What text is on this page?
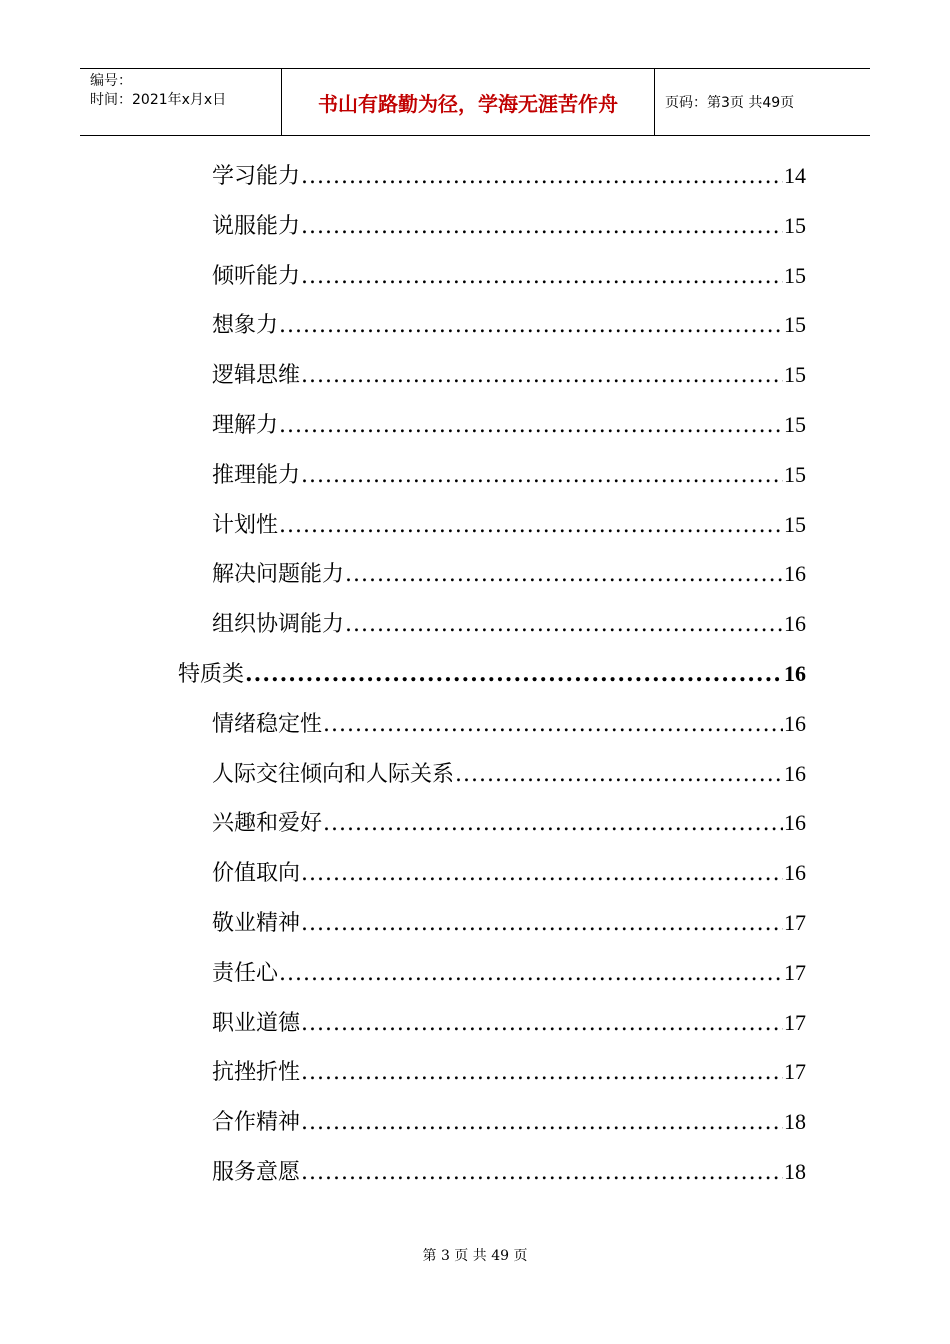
编号：
时间：2021年x月x日	书山有路勤为径，学海无涯苦作舟	页码：第3页 共49页
学习能力 .....	14
说服能力 .....	15
倾听能力 .....	15
想象力 .....	15
逻辑思维 .....	15
理解力 .....	15
推理能力 .....	15
计划性 .....	15
解决问题能力 .....	16
组织协调能力 .....	16
特质类 .....	16
情绪稳定性 .....	16
人际交往倾向和人际关系 .....	16
兴趣和爱好 .....	16
价值取向 .....	16
敬业精神 .....	17
责任心 .....	17
职业道德 .....	17
抗挫折性 .....	17
合作精神 .....	18
服务意愿 .....	18
第 3 页 共 49 页
